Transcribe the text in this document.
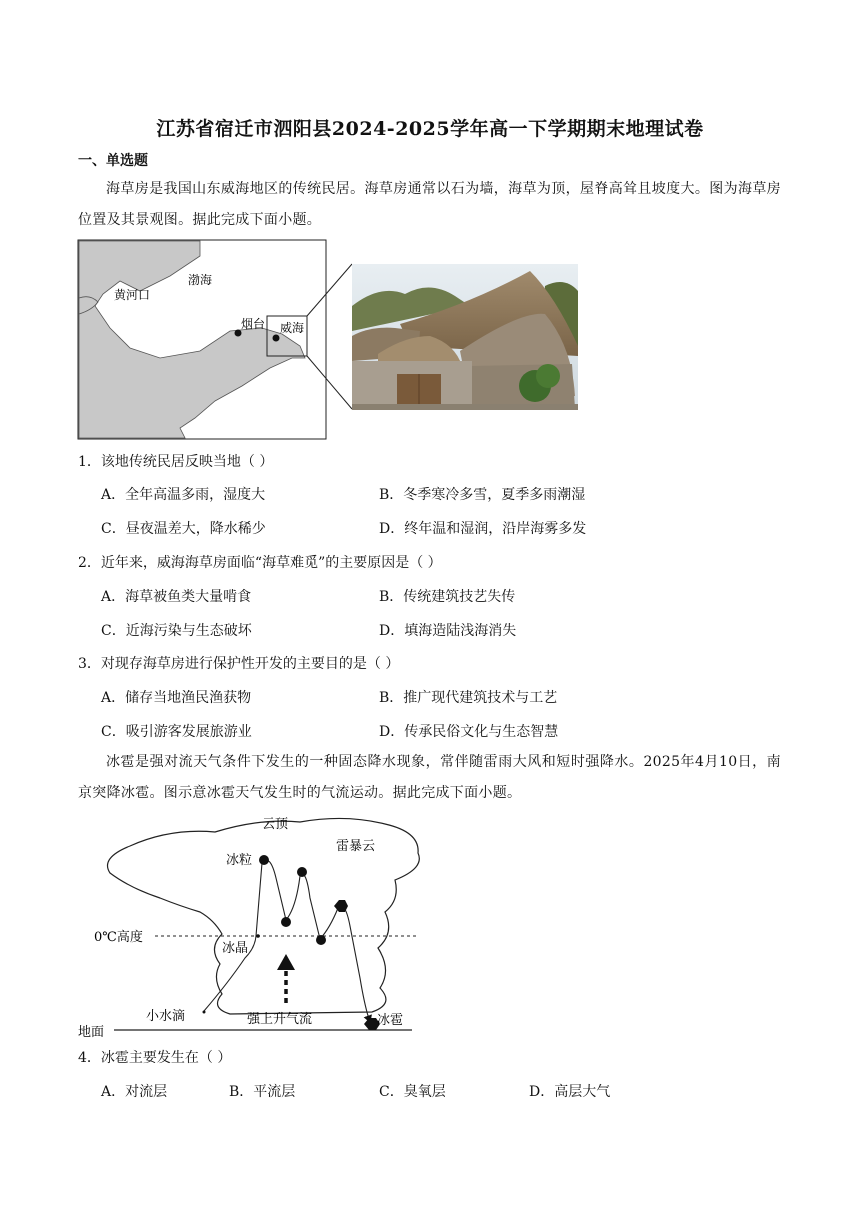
江苏省宿迁市泗阳县2024-2025学年高一下学期期末地理试卷
一、单选题
海草房是我国山东威海地区的传统民居。海草房通常以石为墙，海草为顶，屋脊高耸且坡度大。图为海草房位置及其景观图。据此完成下面小题。
黄河口
渤海
烟台 威海
1．该地传统民居反映当地（ ）
A．全年高温多雨，湿度大	B．冬季寒冷多雪，夏季多雨潮湿
C．昼夜温差大，降水稀少	D．终年温和湿润，沿岸海雾多发
2．近年来，威海海草房面临“海草难觅”的主要原因是（ ）
A．海草被鱼类大量啃食	B．传统建筑技艺失传
C．近海污染与生态破坏	D．填海造陆浅海消失
3．对现存海草房进行保护性开发的主要目的是（ ）
A．储存当地渔民渔获物	B．推广现代建筑技术与工艺
C．吸引游客发展旅游业	D．传承民俗文化与生态智慧
冰雹是强对流天气条件下发生的一种固态降水现象，常伴随雷雨大风和短时强降水。2025年4月10日，南京突降冰雹。图示意冰雹天气发生时的气流运动。据此完成下面小题。
云顶
雷暴云
冰粒
0℃高度
冰晶
小水滴	强上升气流	冰雹
地面
4．冰雹主要发生在（ ）
A．对流层	B．平流层	C．臭氧层	D．高层大气
